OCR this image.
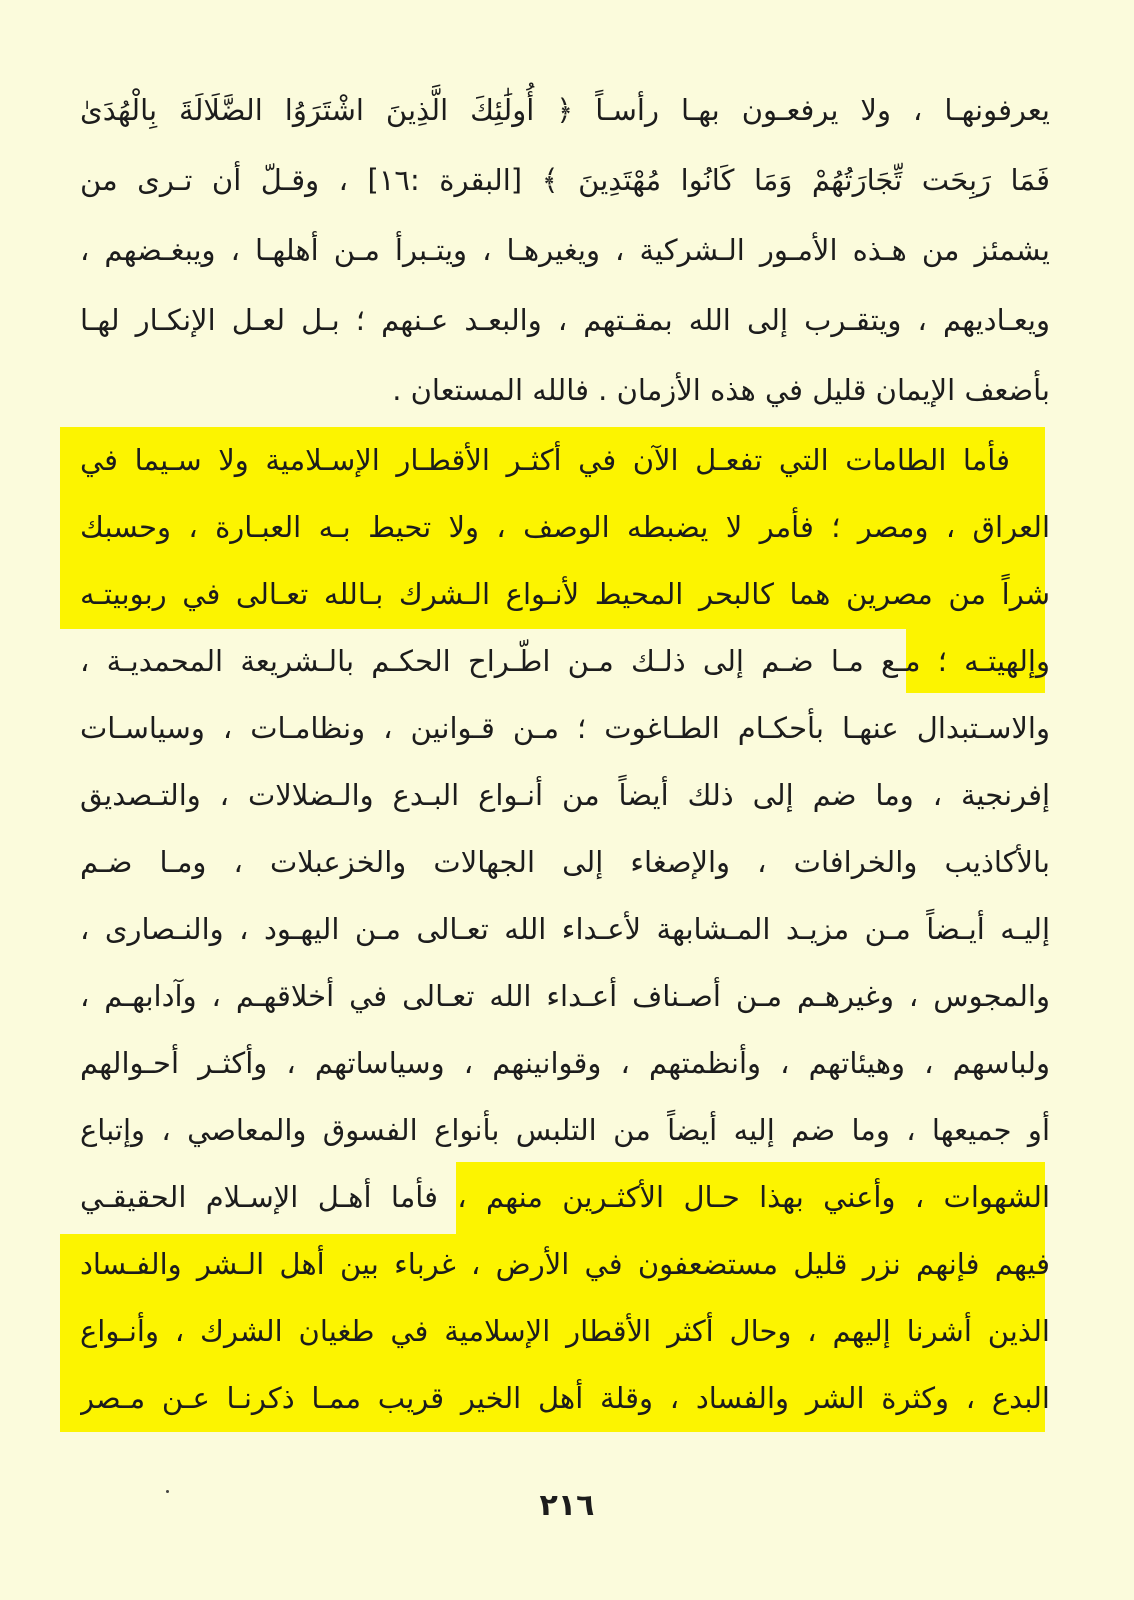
يعرفونهـا ، ولا يرفعـون بهـا رأسـاً ﴿ أُولَٰئِكَ الَّذِينَ اشْتَرَوُا الضَّلَالَةَ بِالْهُدَىٰ
فَمَا رَبِحَت تِّجَارَتُهُمْ وَمَا كَانُوا مُهْتَدِينَ ﴾ [البقرة :١٦] ، وقـلّ أن تـرى من
يشمئز من هـذه الأمـور الـشركية ، ويغيرهـا ، ويتـبرأ مـن أهلهـا ، ويبغـضهم ،
ويعـاديهم ، ويتقـرب إلى الله بمقـتهم ، والبعـد عـنهم ؛ بـل لعـل الإنكـار لهـا
بأضعف الإيمان قليل في هذه الأزمان . فالله المستعان .
فأما الطامات التي تفعـل الآن في أكثـر الأقطـار الإسـلامية ولا سـيما في
العراق ، ومصر ؛ فأمر لا يضبطه الوصف ، ولا تحيط بـه العبـارة ، وحسبك
شراً من مصرين هما كالبحر المحيط لأنـواع الـشرك بـالله تعـالى في ربوبيتـه
وإلهيتـه ؛ مـع مـا ضـم إلى ذلـك مـن اطّـراح الحكـم بالـشريعة المحمديـة ،
والاسـتبدال عنهـا بأحكـام الطـاغوت ؛ مـن قـوانين ، ونظامـات ، وسياسـات
إفرنجية ، وما ضم إلى ذلك أيضاً من أنـواع البـدع والـضلالات ، والتـصديق
بالأكاذيب والخرافات ، والإصغاء إلى الجهالات والخزعبلات ، ومـا ضـم
إليـه أيـضاً مـن مزيـد المـشابهة لأعـداء الله تعـالى مـن اليهـود ، والنـصارى ،
والمجوس ، وغيرهـم مـن أصـناف أعـداء الله تعـالى في أخلاقهـم ، وآدابهـم ،
ولباسهم ، وهيئاتهم ، وأنظمتهم ، وقوانينهم ، وسياساتهم ، وأكثـر أحـوالهم
أو جميعها ، وما ضم إليه أيضاً من التلبس بأنواع الفسوق والمعاصي ، وإتباع
الشهوات ، وأعني بهذا حـال الأكثـرين منهم ، فأما أهـل الإسـلام الحقيقـي
فيهم فإنهم نزر قليل مستضعفون في الأرض ، غرباء بين أهل الـشر والفـساد
الذين أشرنا إليهم ، وحال أكثر الأقطار الإسلامية في طغيان الشرك ، وأنـواع
البدع ، وكثرة الشر والفساد ، وقلة أهل الخير قريب ممـا ذكرنـا عـن مـصر
٢١٦
